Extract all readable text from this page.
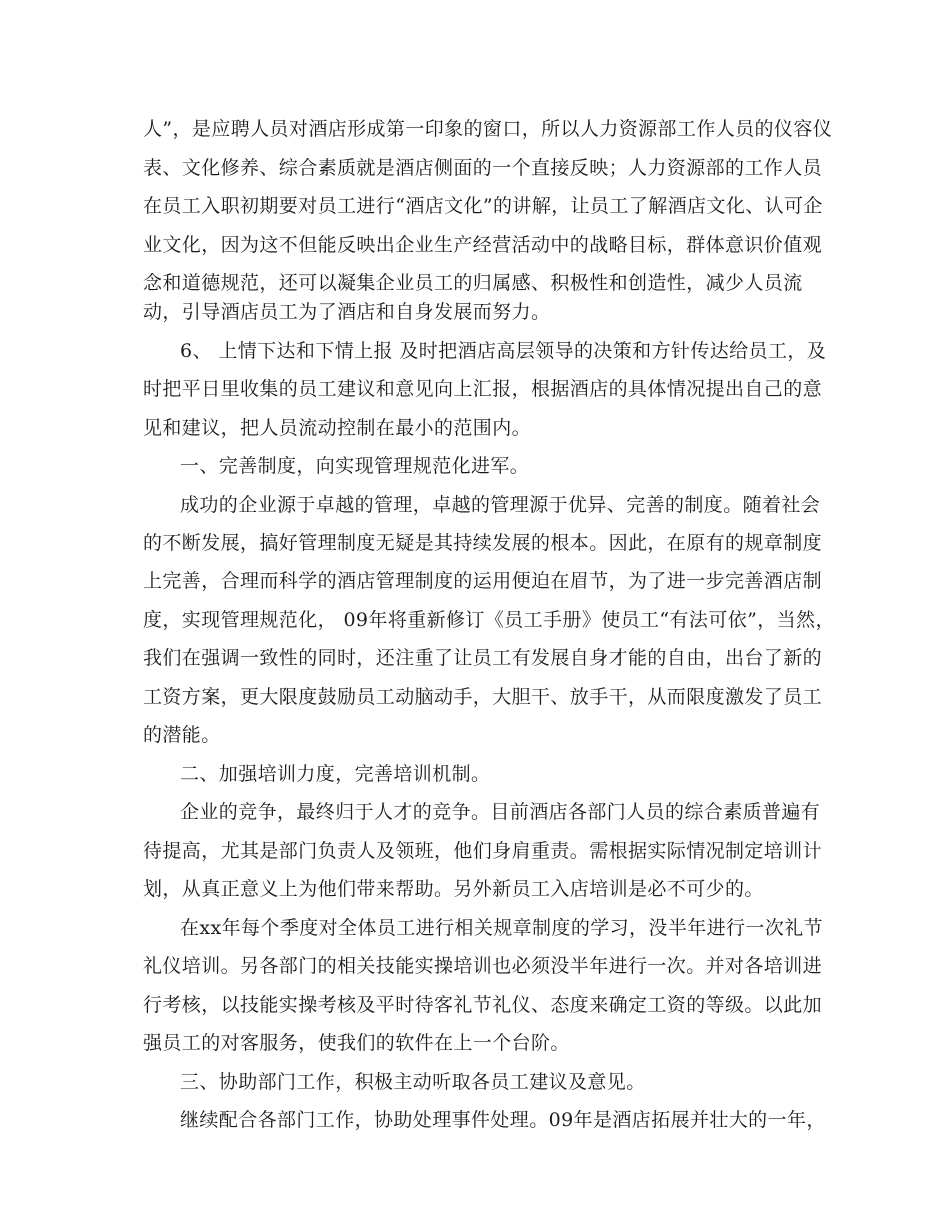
人”，是应聘人员对酒店形成第一印象的窗口，所以人力资源部工作人员的仪容仪
表、文化修养、综合素质就是酒店侧面的一个直接反映；人力资源部的工作人员
在员工入职初期要对员工进行“酒店文化”的讲解，让员工了解酒店文化、认可企
业文化，因为这不但能反映出企业生产经营活动中的战略目标，群体意识价值观
念和道德规范，还可以凝集企业员工的归属感、积极性和创造性，减少人员流
动，引导酒店员工为了酒店和自身发展而努力。
6、 上情下达和下情上报 及时把酒店高层领导的决策和方针传达给员工，及
时把平日里收集的员工建议和意见向上汇报，根据酒店的具体情况提出自己的意
见和建议，把人员流动控制在最小的范围内。
一、完善制度，向实现管理规范化进军。
成功的企业源于卓越的管理，卓越的管理源于优异、完善的制度。随着社会
的不断发展，搞好管理制度无疑是其持续发展的根本。因此，在原有的规章制度
上完善，合理而科学的酒店管理制度的运用便迫在眉节，为了进一步完善酒店制
度，实现管理规范化， 09年将重新修订《员工手册》使员工“有法可依”，当然，
我们在强调一致性的同时，还注重了让员工有发展自身才能的自由，出台了新的
工资方案，更大限度鼓励员工动脑动手，大胆干、放手干，从而限度激发了员工
的潜能。
二、加强培训力度，完善培训机制。
企业的竞争，最终归于人才的竞争。目前酒店各部门人员的综合素质普遍有
待提高，尤其是部门负责人及领班，他们身肩重责。需根据实际情况制定培训计
划，从真正意义上为他们带来帮助。另外新员工入店培训是必不可少的。
在xx年每个季度对全体员工进行相关规章制度的学习，没半年进行一次礼节
礼仪培训。另各部门的相关技能实操培训也必须没半年进行一次。并对各培训进
行考核，以技能实操考核及平时待客礼节礼仪、态度来确定工资的等级。以此加
强员工的对客服务，使我们的软件在上一个台阶。
三、协助部门工作，积极主动听取各员工建议及意见。
继续配合各部门工作，协助处理事件处理。09年是酒店拓展并壮大的一年，
